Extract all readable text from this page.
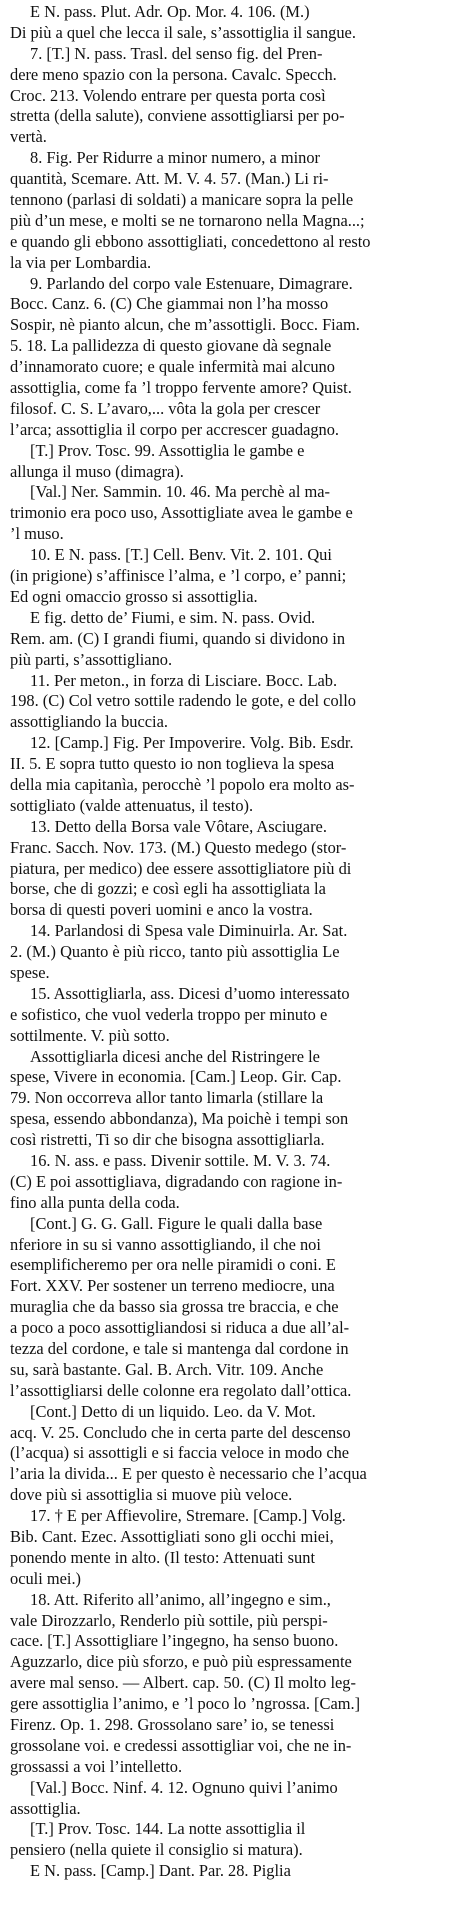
E N. pass. Plut. Adr. Op. Mor. 4. 106. (M.)
Di più a quel che lecca il sale, s’assottiglia il sangue.
7. [T.] N. pass. Trasl. del senso fig. del Pren-
dere meno spazio con la persona. Cavalc. Specch.
Croc. 213. Volendo entrare per questa porta così
stretta (della salute), conviene assottigliarsi per po-
vertà.
8. Fig. Per Ridurre a minor numero, a minor
quantità, Scemare. Att. M. V. 4. 57. (Man.) Li ri-
tennono (parlasi di soldati) a manicare sopra la pelle
più d’un mese, e molti se ne tornarono nella Magna...;
e quando gli ebbono assottigliati, concedettono al resto
la via per Lombardia.
9. Parlando del corpo vale Estenuare, Dimagrare.
Bocc. Canz. 6. (C) Che giammai non l’ha mosso
Sospir, nè pianto alcun, che m’assottigli. Bocc. Fiam.
5. 18. La pallidezza di questo giovane dà segnale
d’innamorato cuore; e quale infermità mai alcuno
assottiglia, come fa ’l troppo fervente amore? Quist.
filosof. C. S. L’avaro,... vôta la gola per crescer
l’arca; assottiglia il corpo per accrescer guadagno.
[T.] Prov. Tosc. 99. Assottiglia le gambe e
allunga il muso (dimagra).
[Val.] Ner. Sammin. 10. 46. Ma perchè al ma-
trimonio era poco uso, Assottigliate avea le gambe e
’l muso.
10. E N. pass. [T.] Cell. Benv. Vit. 2. 101. Qui
(in prigione) s’affinisce l’alma, e ’l corpo, e’ panni;
Ed ogni omaccio grosso si assottiglia.
E fig. detto de’ Fiumi, e sim. N. pass. Ovid.
Rem. am. (C) I grandi fiumi, quando si dividono in
più parti, s’assottigliano.
11. Per meton., in forza di Lisciare. Bocc. Lab.
198. (C) Col vetro sottile radendo le gote, e del collo
assottigliando la buccia.
12. [Camp.] Fig. Per Impoverire. Volg. Bib. Esdr.
II. 5. E sopra tutto questo io non toglieva la spesa
della mia capitanìa, perocchè ’l popolo era molto as-
sottigliato (valde attenuatus, il testo).
13. Detto della Borsa vale Vôtare, Asciugare.
Franc. Sacch. Nov. 173. (M.) Questo medego (stor-
piatura, per medico) dee essere assottigliatore più di
borse, che di gozzi; e così egli ha assottigliata la
borsa di questi poveri uomini e anco la vostra.
14. Parlandosi di Spesa vale Diminuirla. Ar. Sat.
2. (M.) Quanto è più ricco, tanto più assottiglia Le
spese.
15. Assottigliarla, ass. Dicesi d’uomo interessato
e sofistico, che vuol vederla troppo per minuto e
sottilmente. V. più sotto.
Assottigliarla dicesi anche del Ristringere le
spese, Vivere in economia. [Cam.] Leop. Gir. Cap.
79. Non occorreva allor tanto limarla (stillare la
spesa, essendo abbondanza), Ma poichè i tempi son
così ristretti, Ti so dir che bisogna assottigliarla.
16. N. ass. e pass. Divenir sottile. M. V. 3. 74.
(C) E poi assottigliava, digradando con ragione in-
fino alla punta della coda.
[Cont.] G. G. Gall. Figure le quali dalla base
nferiore in su si vanno assottigliando, il che noi
esemplificheremo per ora nelle piramidi o coni. E
Fort. XXV. Per sostener un terreno mediocre, una
muraglia che da basso sia grossa tre braccia, e che
a poco a poco assottigliandosi si riduca a due all’al-
tezza del cordone, e tale si mantenga dal cordone in
su, sarà bastante. Gal. B. Arch. Vitr. 109. Anche
l’assottigliarsi delle colonne era regolato dall’ottica.
[Cont.] Detto di un liquido. Leo. da V. Mot.
acq. V. 25. Concludo che in certa parte del descenso
(l’acqua) si assottigli e si faccia veloce in modo che
l’aria la divida... E per questo è necessario che l’acqua
dove più si assottiglia si muove più veloce.
17. † E per Affievolire, Stremare. [Camp.] Volg.
Bib. Cant. Ezec. Assottigliati sono gli occhi miei,
ponendo mente in alto. (Il testo: Attenuati sunt
oculi mei.)
18. Att. Riferito all’animo, all’ingegno e sim.,
vale Dirozzarlo, Renderlo più sottile, più perspi-
cace. [T.] Assottigliare l’ingegno, ha senso buono.
Aguzzarlo, dice più sforzo, e può più espressamente
avere mal senso. — Albert. cap. 50. (C) Il molto leg-
gere assottiglia l’animo, e ’l poco lo ’ngrossa. [Cam.]
Firenz. Op. 1. 298. Grossolano sare’ io, se tenessi
grossolane voi. e credessi assottigliar voi, che ne in-
grossassi a voi l’intelletto.
[Val.] Bocc. Ninf. 4. 12. Ognuno quivi l’animo
assottiglia.
[T.] Prov. Tosc. 144. La notte assottiglia il
pensiero (nella quiete il consiglio si matura).
E N. pass. [Camp.] Dant. Par. 28. Piglia
